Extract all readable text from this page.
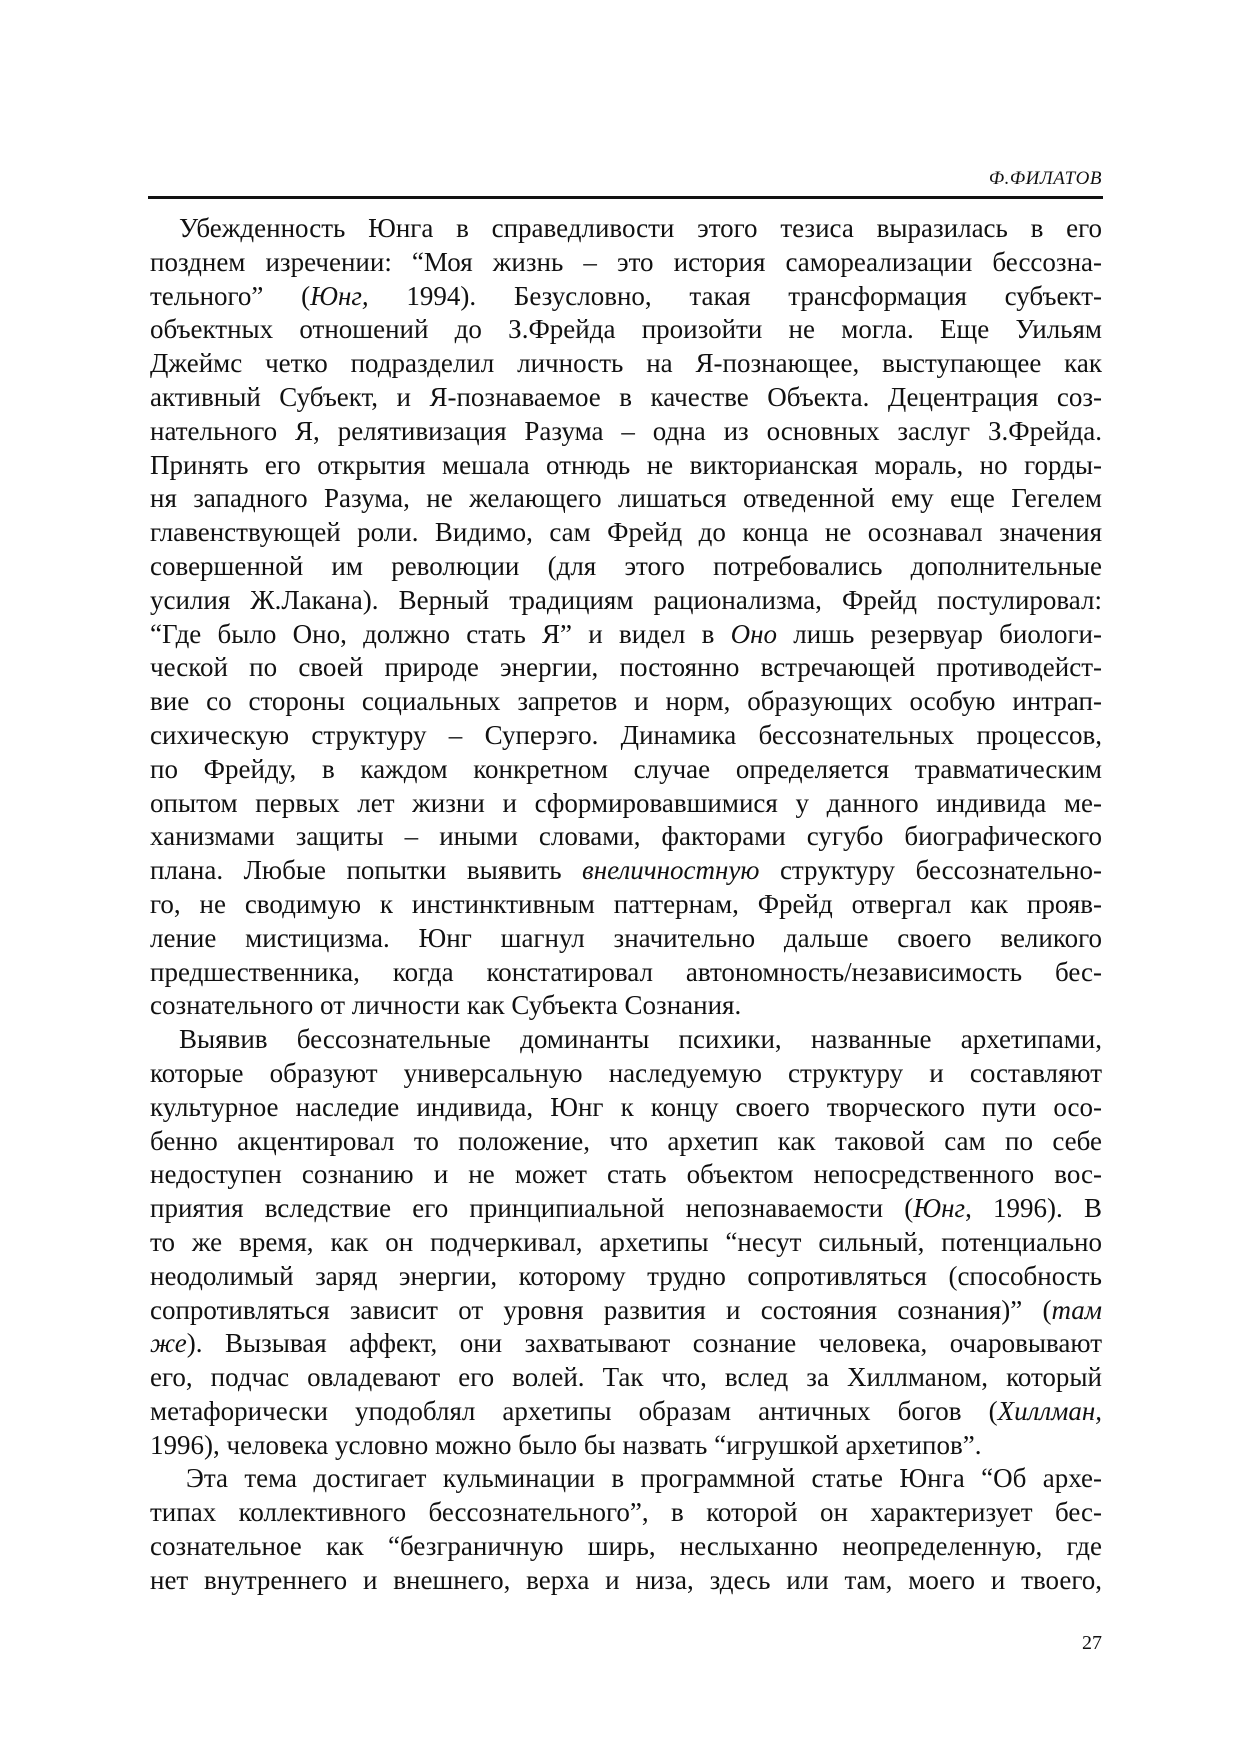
Ф.ФИЛАТОВ
Убежденность Юнга в справедливости этого тезиса выразилась в его
позднем изречении: “Моя жизнь – это история самореализации бессозна-
тельного” (Юнг, 1994). Безусловно, такая трансформация субъект-
объектных отношений до З.Фрейда произойти не могла. Еще Уильям
Джеймс четко подразделил личность на Я-познающее, выступающее как
активный Субъект, и Я-познаваемое в качестве Объекта. Децентрация соз-
нательного Я, релятивизация Разума – одна из основных заслуг З.Фрейда.
Принять его открытия мешала отнюдь не викторианская мораль, но горды-
ня западного Разума, не желающего лишаться отведенной ему еще Гегелем
главенствующей роли. Видимо, сам Фрейд до конца не осознавал значения
совершенной им революции (для этого потребовались дополнительные
усилия Ж.Лакана). Верный традициям рационализма, Фрейд постулировал:
“Где было Оно, должно стать Я” и видел в Оно лишь резервуар биологи-
ческой по своей природе энергии, постоянно встречающей противодейст-
вие со стороны социальных запретов и норм, образующих особую интрап-
сихическую структуру – Суперэго. Динамика бессознательных процессов,
по Фрейду, в каждом конкретном случае определяется травматическим
опытом первых лет жизни и сформировавшимися у данного индивида ме-
ханизмами защиты – иными словами, факторами сугубо биографического
плана. Любые попытки выявить внеличностную структуру бессознательно-
го, не сводимую к инстинктивным паттернам, Фрейд отвергал как прояв-
ление мистицизма. Юнг шагнул значительно дальше своего великого
предшественника, когда констатировал автономность/независимость бес-
сознательного от личности как Субъекта Сознания.
Выявив бессознательные доминанты психики, названные архетипами,
которые образуют универсальную наследуемую структуру и составляют
культурное наследие индивида, Юнг к концу своего творческого пути осо-
бенно акцентировал то положение, что архетип как таковой сам по себе
недоступен сознанию и не может стать объектом непосредственного вос-
приятия вследствие его принципиальной непознаваемости (Юнг, 1996). В
то же время, как он подчеркивал, архетипы “несут сильный, потенциально
неодолимый заряд энергии, которому трудно сопротивляться (способность
сопротивляться зависит от уровня развития и состояния сознания)” (там
же). Вызывая аффект, они захватывают сознание человека, очаровывают
его, подчас овладевают его волей. Так что, вслед за Хиллманом, который
метафорически уподоблял архетипы образам античных богов (Хиллман,
1996), человека условно можно было бы назвать “игрушкой архетипов”.
Эта тема достигает кульминации в программной статье Юнга “Об архе-
типах коллективного бессознательного”, в которой он характеризует бес-
сознательное как “безграничную ширь, неслыханно неопределенную, где
нет внутреннего и внешнего, верха и низа, здесь или там, моего и твоего,
27
